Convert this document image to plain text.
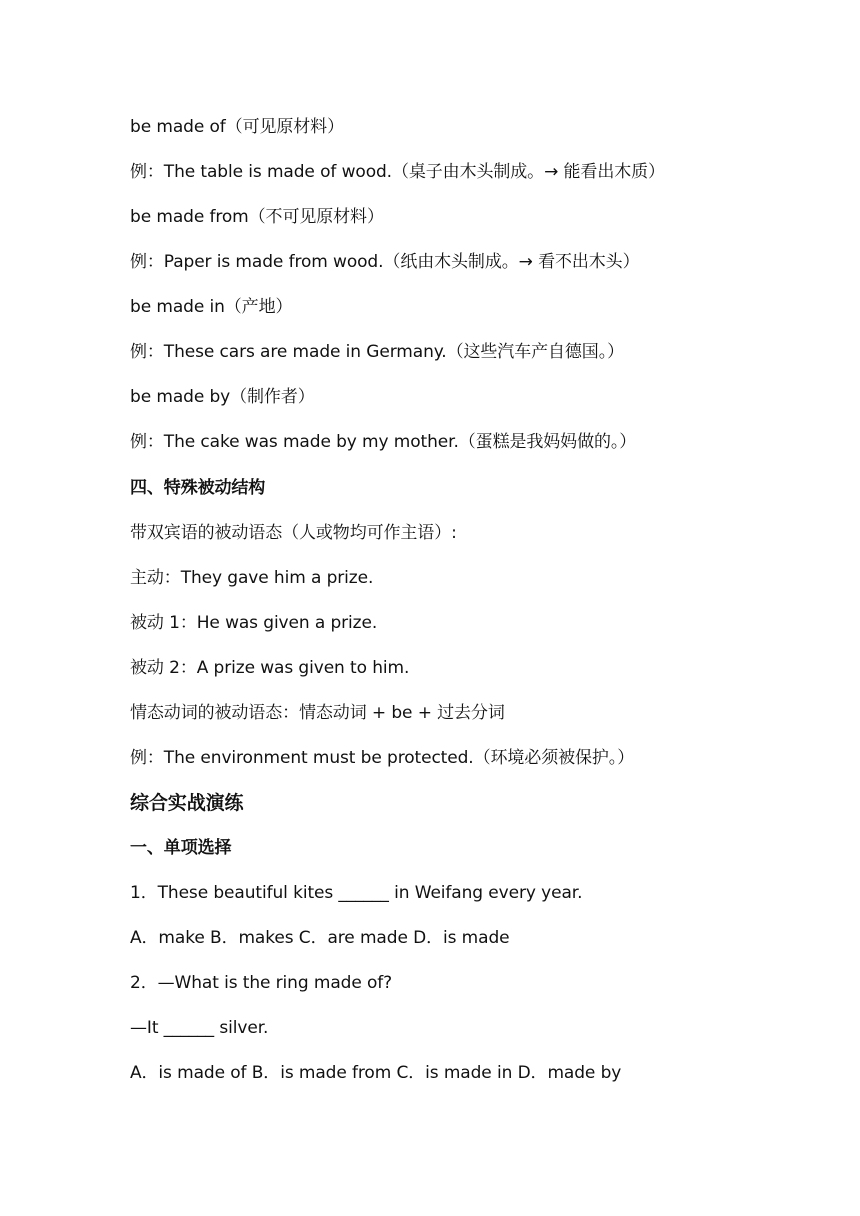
be made of（可见原材料）
例：The table is made of wood.（桌子由木头制成。→ 能看出木质）
be made from（不可见原材料）
例：Paper is made from wood.（纸由木头制成。→ 看不出木头）
be made in（产地）
例：These cars are made in Germany.（这些汽车产自德国。）
be made by（制作者）
例：The cake was made by my mother.（蛋糕是我妈妈做的。）
四、特殊被动结构
带双宾语的被动语态（人或物均可作主语）:
主动：They gave him a prize.
被动 1：He was given a prize.
被动 2：A prize was given to him.
情态动词的被动语态：情态动词 + be + 过去分词
例：The environment must be protected.（环境必须被保护。）
综合实战演练
一、单项选择
1．These beautiful kites ______ in Weifang every year.
A．make B．makes C．are made D．is made
2．—What is the ring made of?
—It ______ silver.
A．is made of B．is made from C．is made in D．made by
